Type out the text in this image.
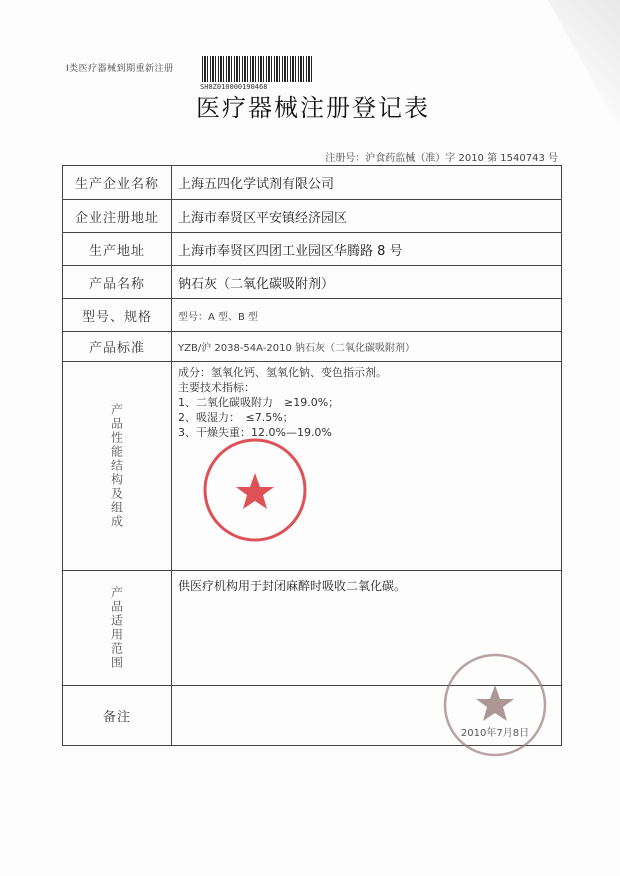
I类医疗器械到期重新注册
SH0Z010000190468
医疗器械注册登记表
注册号：沪食药监械（准）字 2010 第 1540743 号
生产企业名称	上海五四化学试剂有限公司
企业注册地址	上海市奉贤区平安镇经济园区
生产地址	上海市奉贤区四团工业园区华腾路 8 号
产品名称	钠石灰（二氧化碳吸附剂）
型号、规格	型号：A 型、B 型
产品标准	YZB/沪 2038-54A-2010 钠石灰（二氧化碳吸附剂）
产品性能结构及组成	成分：氢氧化钙、氢氧化钠、变色指示剂。
主要技术指标：
1、二氧化碳吸附力　≥19.0%；
2、吸湿力：　≤7.5%；
3、干燥失重：12.0%—19.0%

产品适用范围	供医疗机构用于封闭麻醉时吸收二氧化碳。
备注	
2010年7月8日
